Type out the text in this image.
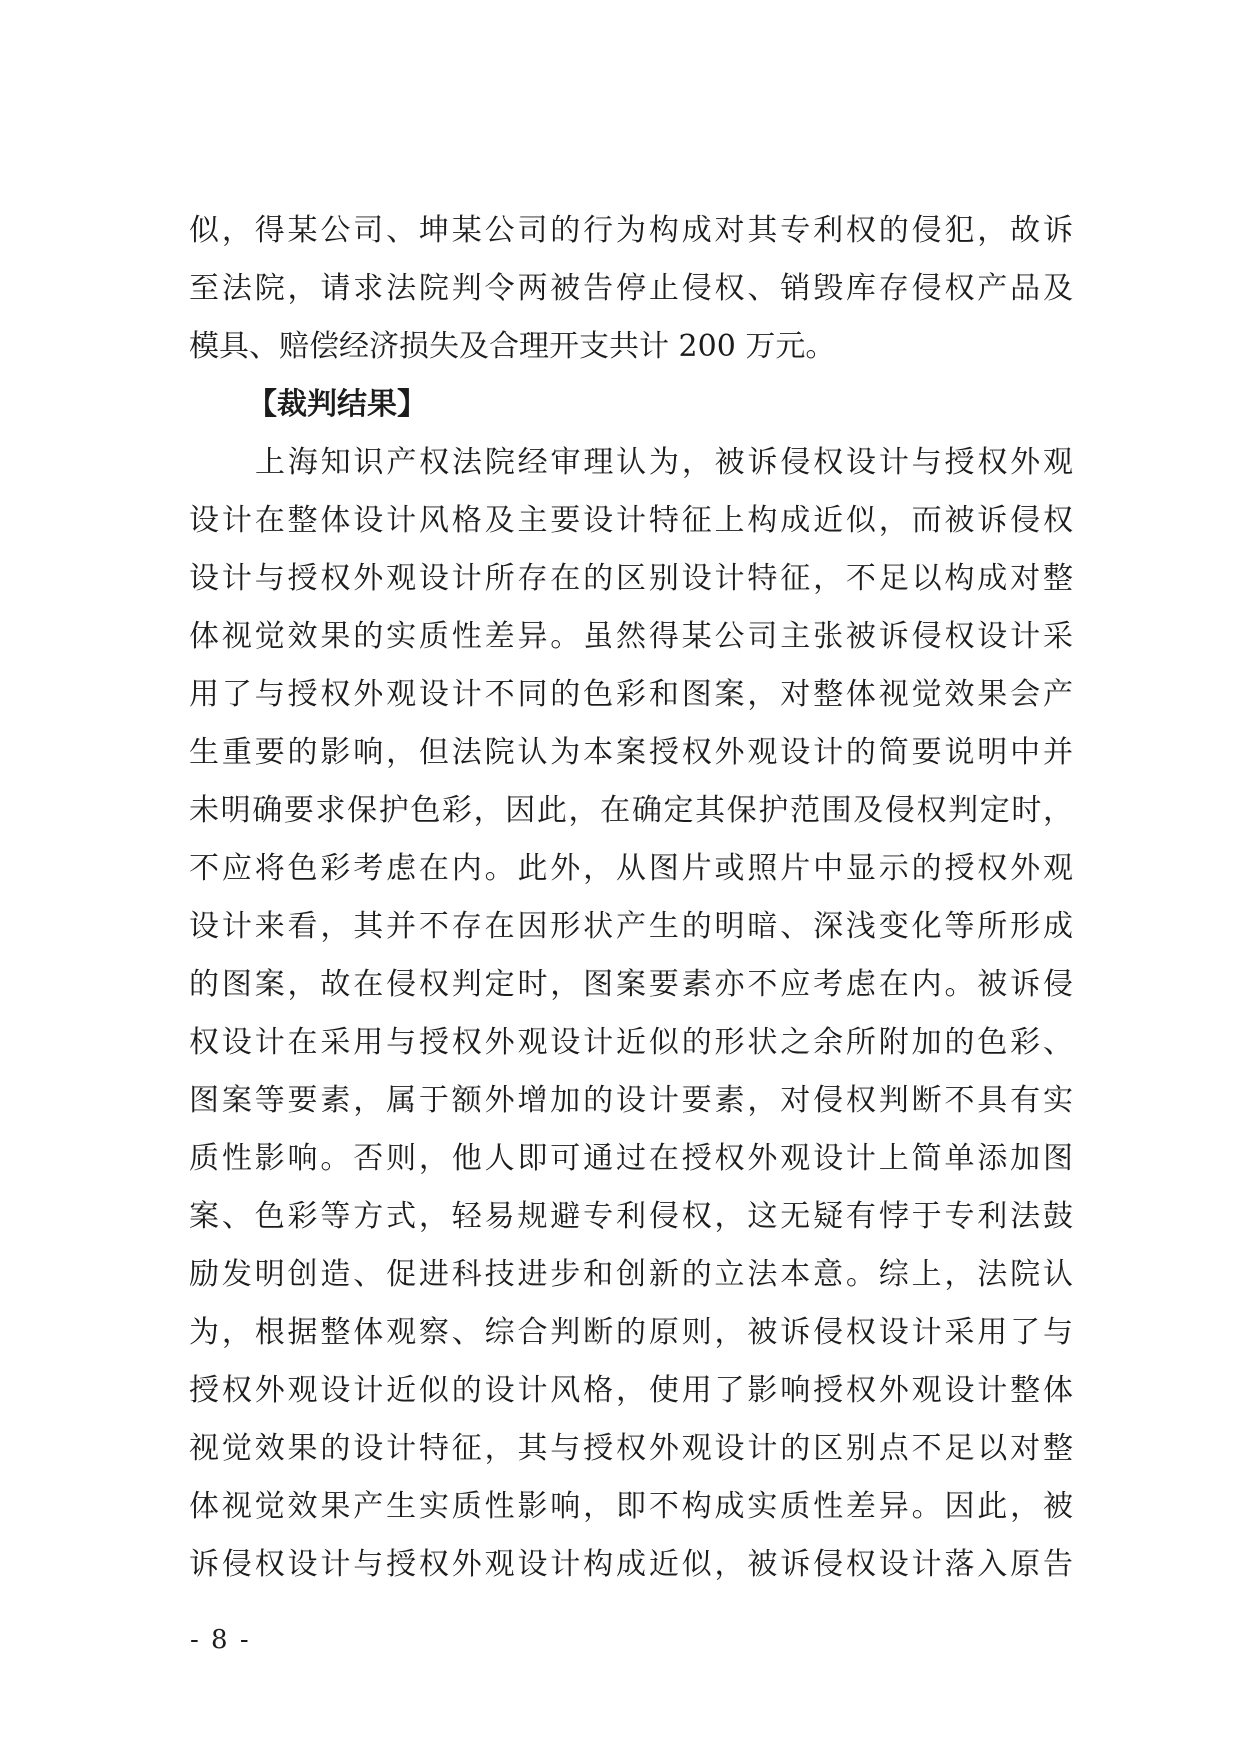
似，得某公司、坤某公司的行为构成对其专利权的侵犯，故诉
至法院，请求法院判令两被告停止侵权、销毁库存侵权产品及
模具、赔偿经济损失及合理开支共计 200 万元。
【裁判结果】
上海知识产权法院经审理认为，被诉侵权设计与授权外观
设计在整体设计风格及主要设计特征上构成近似，而被诉侵权
设计与授权外观设计所存在的区别设计特征，不足以构成对整
体视觉效果的实质性差异。虽然得某公司主张被诉侵权设计采
用了与授权外观设计不同的色彩和图案，对整体视觉效果会产
生重要的影响，但法院认为本案授权外观设计的简要说明中并
未明确要求保护色彩，因此，在确定其保护范围及侵权判定时，
不应将色彩考虑在内。此外，从图片或照片中显示的授权外观
设计来看，其并不存在因形状产生的明暗、深浅变化等所形成
的图案，故在侵权判定时，图案要素亦不应考虑在内。被诉侵
权设计在采用与授权外观设计近似的形状之余所附加的色彩、
图案等要素，属于额外增加的设计要素，对侵权判断不具有实
质性影响。否则，他人即可通过在授权外观设计上简单添加图
案、色彩等方式，轻易规避专利侵权，这无疑有悖于专利法鼓
励发明创造、促进科技进步和创新的立法本意。综上，法院认
为，根据整体观察、综合判断的原则，被诉侵权设计采用了与
授权外观设计近似的设计风格，使用了影响授权外观设计整体
视觉效果的设计特征，其与授权外观设计的区别点不足以对整
体视觉效果产生实质性影响，即不构成实质性差异。因此，被
诉侵权设计与授权外观设计构成近似，被诉侵权设计落入原告
- 8 -
